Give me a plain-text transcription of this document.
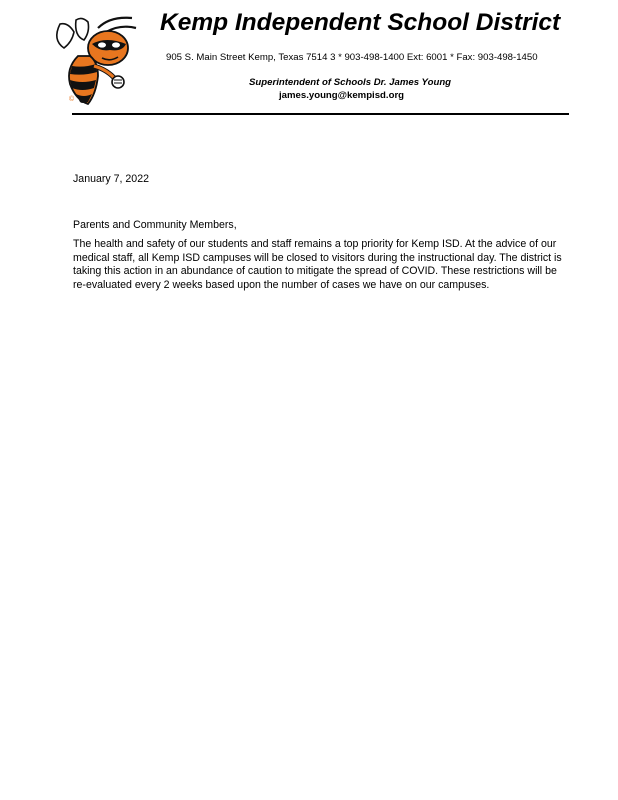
©
Kemp Independent School District
905 S. Main Street Kemp, Texas 7514 3 * 903-498-1400 Ext: 6001 * Fax: 903-498-1450
Superintendent of Schools Dr. James Young
james.young@kempisd.org
January 7, 2022
Parents and Community Members,
The health and safety of our students and staff remains a top priority for Kemp ISD. At the advice of our
medical staff, all Kemp ISD campuses will be closed to visitors during the instructional day. The district is
taking this action in an abundance of caution to mitigate the spread of COVID. These restrictions will be
re-evaluated every 2 weeks based upon the number of cases we have on our campuses.
